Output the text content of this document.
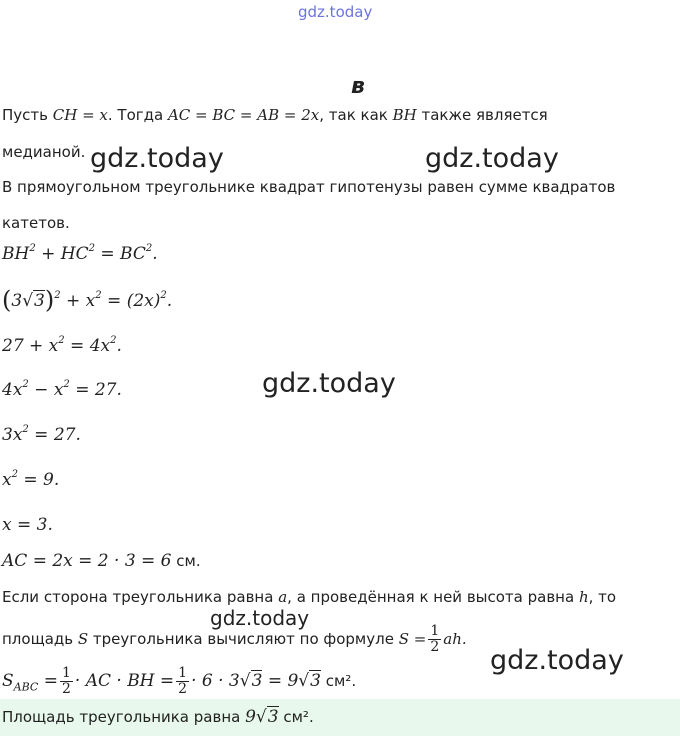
gdz.today
в
Пусть CH = x. Тогда AC = BC = AB = 2x, так как BH также является
медианой.
В прямоугольном треугольнике квадрат гипотенузы равен сумме квадратов
катетов.
$BH^2 + HC^2 = BC^2$.
$(3√3)^2 + x^2 = (2x)^2$.
$27 + x^2 = 4x^2$.
$4x^2 - x^2 = 27$.
$3x^2 = 27$.
$x^2 = 9$.
x = 3.
AC = 2x = 2 · 3 = 6 см.
Если сторона треугольника равна a, а проведённая к ней высота равна h, то
площадь S треугольника вычисляют по формуле $S = \frac{1}{2}$ ah.
$S_{ABC} = \frac{1}{2}$ · AC · BH = $\frac{1}{2} \cdot 6 \cdot 3√3 = 9√3$ см².
Площадь треугольника равна 9√3 см².
gdz.today	gdz.today
gdz.today
gdz.today
gdz.today
